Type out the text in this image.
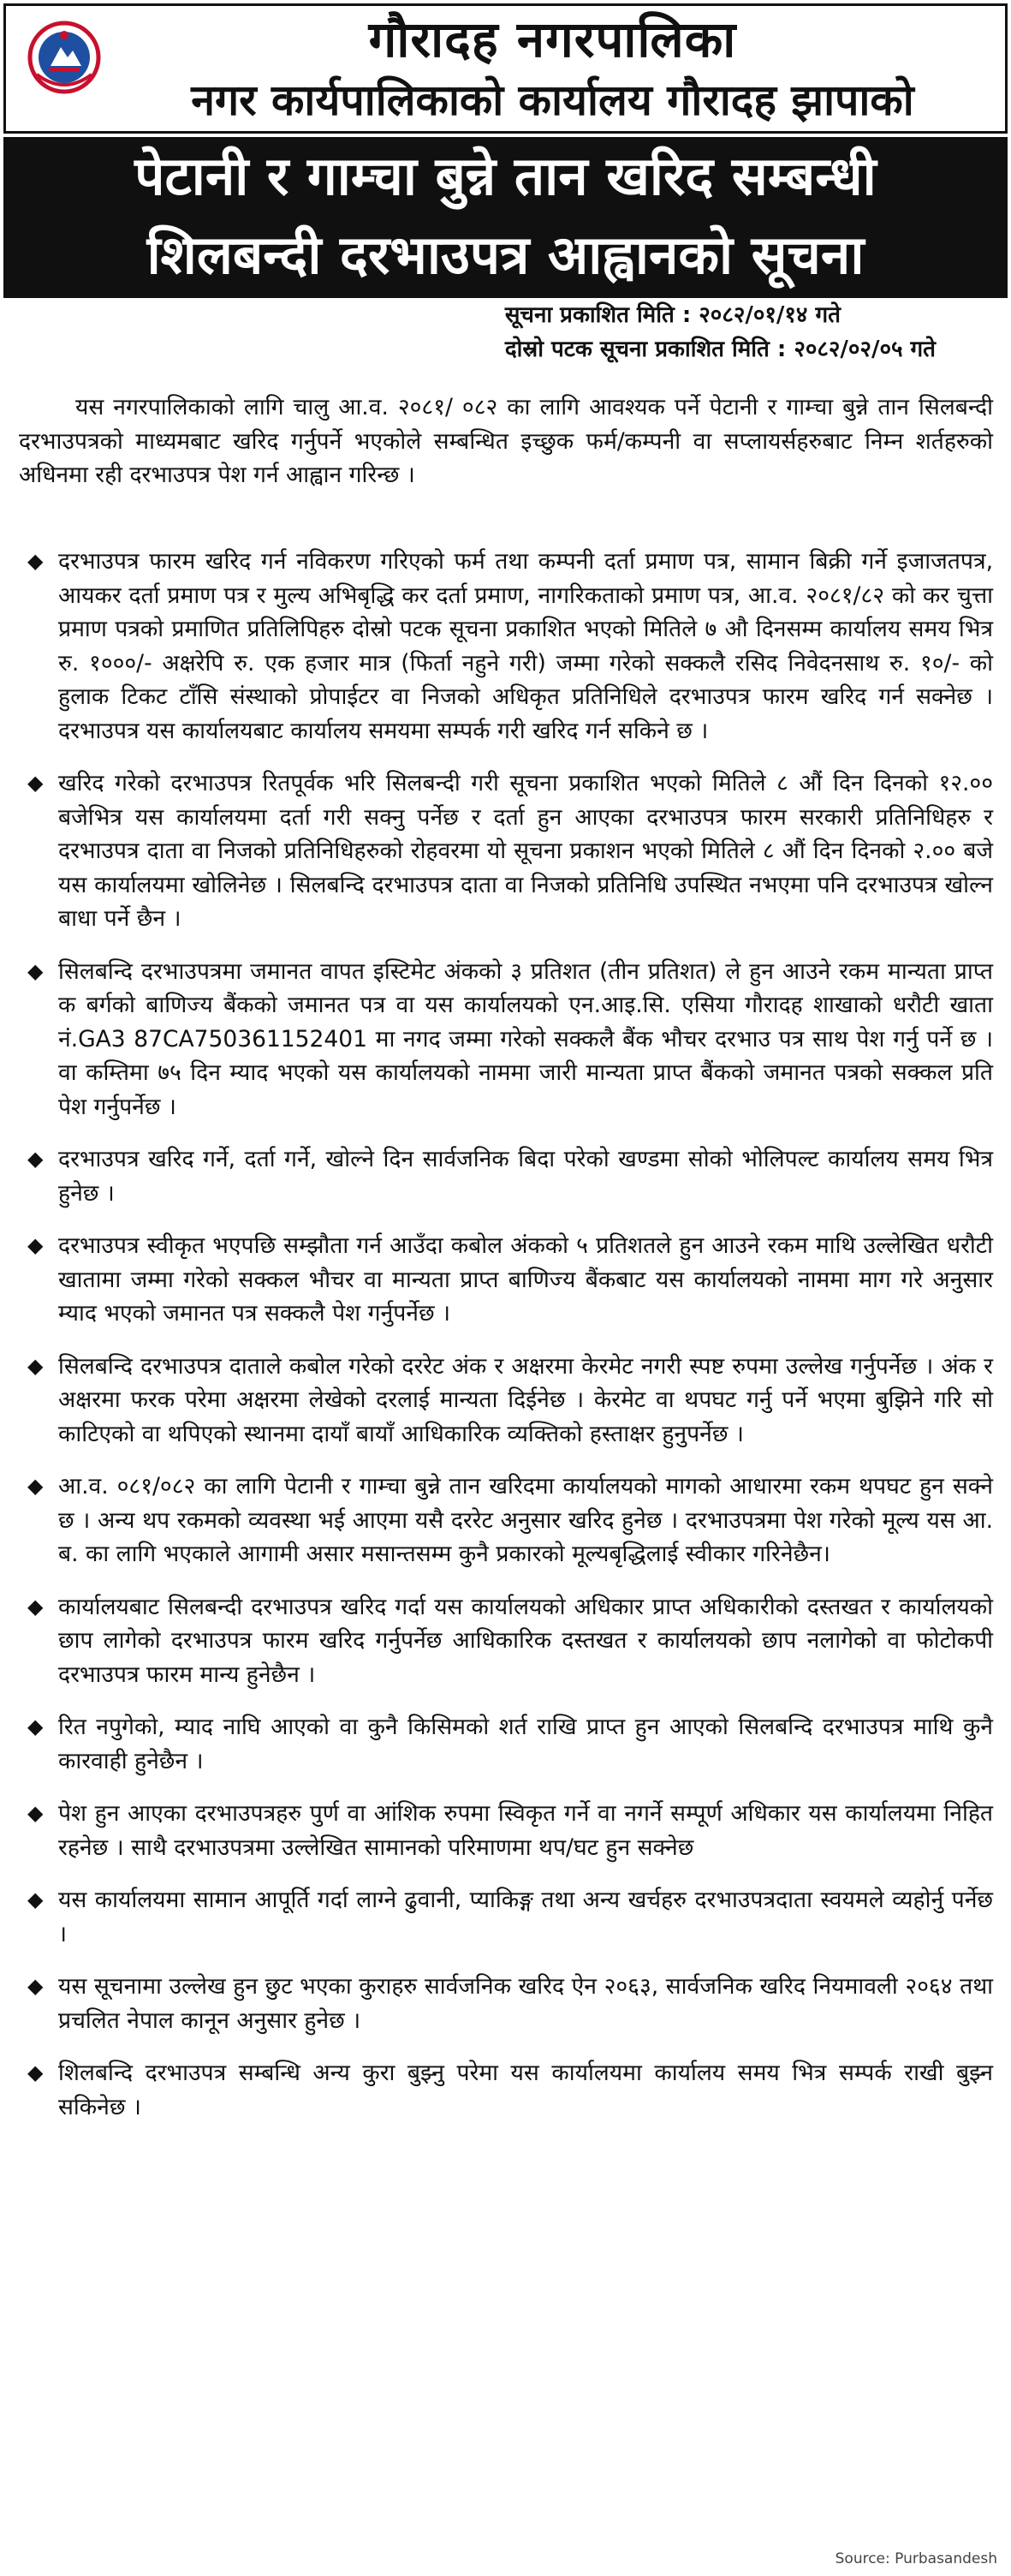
गौरादह नगरपालिका
नगर कार्यपालिकाको कार्यालय गौरादह झापाको
पेटानी र गाम्चा बुन्ने तान खरिद सम्बन्धी
शिलबन्दी दरभाउपत्र आह्वानको सूचना
सूचना प्रकाशित मिति : २०८२/०१/१४ गते
दोस्रो पटक सूचना प्रकाशित मिति : २०८२/०२/०५ गते
यस नगरपालिकाको लागि चालु आ.व. २०८१/ ०८२ का लागि आवश्यक पर्ने पेटानी र गाम्चा बुन्ने तान सिलबन्दी दरभाउपत्रको माध्यमबाट खरिद गर्नुपर्ने भएकोले सम्बन्धित इच्छुक फर्म/कम्पनी वा सप्लायर्सहरुबाट निम्न शर्तहरुको अधिनमा रही दरभाउपत्र पेश गर्न आह्वान गरिन्छ ।
◆ दरभाउपत्र फारम खरिद गर्न नविकरण गरिएको फर्म तथा कम्पनी दर्ता प्रमाण पत्र, सामान बिक्री गर्ने इजाजतपत्र, आयकर दर्ता प्रमाण पत्र र मुल्य अभिबृद्धि कर दर्ता प्रमाण, नागरिकताको प्रमाण पत्र, आ.व. २०८१/८२ को कर चुत्ता प्रमाण पत्रको प्रमाणित प्रतिलिपिहरु दोस्रो पटक सूचना प्रकाशित भएको मितिले ७ औ दिनसम्म कार्यालय समय भित्र रु. १०००/- अक्षरेपि रु. एक हजार मात्र (फिर्ता नहुने गरी) जम्मा गरेको सक्कलै रसिद निवेदनसाथ रु. १०/- को हुलाक टिकट टाँसि संस्थाको प्रोपाईटर वा निजको अधिकृत प्रतिनिधिले दरभाउपत्र फारम खरिद गर्न सक्नेछ । दरभाउपत्र यस कार्यालयबाट कार्यालय समयमा सम्पर्क गरी खरिद गर्न सकिने छ ।
◆ खरिद गरेको दरभाउपत्र रितपूर्वक भरि सिलबन्दी गरी सूचना प्रकाशित भएको मितिले ८ औं दिन दिनको १२.०० बजेभित्र यस कार्यालयमा दर्ता गरी सक्नु पर्नेछ र दर्ता हुन आएका दरभाउपत्र फारम सरकारी प्रतिनिधिहरु र दरभाउपत्र दाता वा निजको प्रतिनिधिहरुको रोहवरमा यो सूचना प्रकाशन भएको मितिले ८ औं दिन दिनको २.०० बजे यस कार्यालयमा खोलिनेछ । सिलबन्दि दरभाउपत्र दाता वा निजको प्रतिनिधि उपस्थित नभएमा पनि दरभाउपत्र खोल्न बाधा पर्ने छैन ।
◆ सिलबन्दि दरभाउपत्रमा जमानत वापत इस्टिमेट अंकको ३ प्रतिशत (तीन प्रतिशत) ले हुन आउने रकम मान्यता प्राप्त क बर्गको बाणिज्य बैंकको जमानत पत्र वा यस कार्यालयको एन.आइ.सि. एसिया गौरादह शाखाको धरौटी खाता नं.GA3 87CA750361152401 मा नगद जम्मा गरेको सक्कलै बैंक भौचर दरभाउ पत्र साथ पेश गर्नु पर्ने छ । वा कम्तिमा ७५ दिन म्याद भएको यस कार्यालयको नाममा जारी मान्यता प्राप्त बैंकको जमानत पत्रको सक्कल प्रति पेश गर्नुपर्नेछ ।
◆ दरभाउपत्र खरिद गर्ने, दर्ता गर्ने, खोल्ने दिन सार्वजनिक बिदा परेको खण्डमा सोको भोलिपल्ट कार्यालय समय भित्र हुनेछ ।
◆ दरभाउपत्र स्वीकृत भएपछि सम्झौता गर्न आउँदा कबोल अंकको ५ प्रतिशतले हुन आउने रकम माथि उल्लेखित धरौटी खातामा जम्मा गरेको सक्कल भौचर वा मान्यता प्राप्त बाणिज्य बैंकबाट यस कार्यालयको नाममा माग गरे अनुसार म्याद भएको जमानत पत्र सक्कलै पेश गर्नुपर्नेछ ।
◆ सिलबन्दि दरभाउपत्र दाताले कबोल गरेको दररेट अंक र अक्षरमा केरमेट नगरी स्पष्ट रुपमा उल्लेख गर्नुपर्नेछ । अंक र अक्षरमा फरक परेमा अक्षरमा लेखेको दरलाई मान्यता दिईनेछ । केरमेट वा थपघट गर्नु पर्ने भएमा बुझिने गरि सो काटिएको वा थपिएको स्थानमा दायाँ बायाँ आधिकारिक व्यक्तिको हस्ताक्षर हुनुपर्नेछ ।
◆ आ.व. ०८१/०८२ का लागि पेटानी र गाम्चा बुन्ने तान खरिदमा कार्यालयको मागको आधारमा रकम थपघट हुन सक्ने छ । अन्य थप रकमको व्यवस्था भई आएमा यसै दररेट अनुसार खरिद हुनेछ । दरभाउपत्रमा पेश गरेको मूल्य यस आ. ब. का लागि भएकाले आगामी असार मसान्तसम्म कुनै प्रकारको मूल्यबृद्धिलाई स्वीकार गरिनेछैन।
◆ कार्यालयबाट सिलबन्दी दरभाउपत्र खरिद गर्दा यस कार्यालयको अधिकार प्राप्त अधिकारीको दस्तखत र कार्यालयको छाप लागेको दरभाउपत्र फारम खरिद गर्नुपर्नेछ आधिकारिक दस्तखत र कार्यालयको छाप नलागेको वा फोटोकपी दरभाउपत्र फारम मान्य हुनेछैन ।
◆ रित नपुगेको, म्याद नाघि आएको वा कुनै किसिमको शर्त राखि प्राप्त हुन आएको सिलबन्दि दरभाउपत्र माथि कुनै कारवाही हुनेछैन ।
◆ पेश हुन आएका दरभाउपत्रहरु पुर्ण वा आंशिक रुपमा स्विकृत गर्ने वा नगर्ने सम्पूर्ण अधिकार यस कार्यालयमा निहित रहनेछ । साथै दरभाउपत्रमा उल्लेखित सामानको परिमाणमा थप/घट हुन सक्नेछ
◆ यस कार्यालयमा सामान आपूर्ति गर्दा लाग्ने ढुवानी, प्याकिङ्ग तथा अन्य खर्चहरु दरभाउपत्रदाता स्वयमले व्यहोर्नु पर्नेछ ।
◆ यस सूचनामा उल्लेख हुन छुट भएका कुराहरु सार्वजनिक खरिद ऐन २०६३, सार्वजनिक खरिद नियमावली २०६४ तथा प्रचलित नेपाल कानून अनुसार हुनेछ ।
◆ शिलबन्दि दरभाउपत्र सम्बन्धि अन्य कुरा बुझ्नु परेमा यस कार्यालयमा कार्यालय समय भित्र सम्पर्क राखी बुझ्न सकिनेछ ।
Source: Purbasandesh
